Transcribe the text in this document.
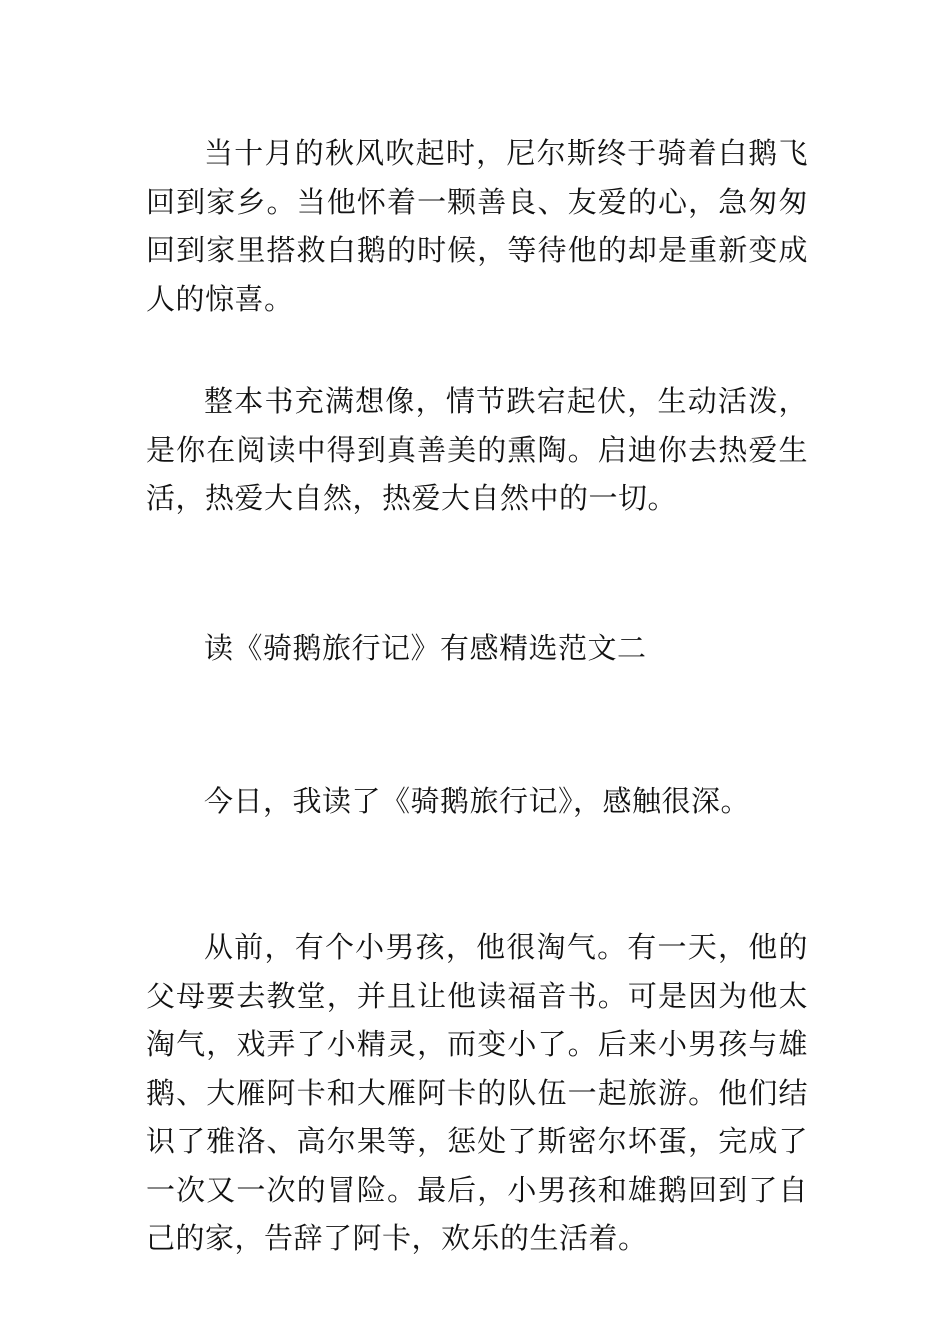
当十月的秋风吹起时，尼尔斯终于骑着白鹅飞回到家乡。当他怀着一颗善良、友爱的心，急匆匆回到家里搭救白鹅的时候，等待他的却是重新变成人的惊喜。

整本书充满想像，情节跌宕起伏，生动活泼，是你在阅读中得到真善美的熏陶。启迪你去热爱生活，热爱大自然，热爱大自然中的一切。

读《骑鹅旅行记》有感精选范文二

今日，我读了《骑鹅旅行记》，感触很深。

从前，有个小男孩，他很淘气。有一天，他的父母要去教堂，并且让他读福音书。可是因为他太淘气，戏弄了小精灵，而变小了。后来小男孩与雄鹅、大雁阿卡和大雁阿卡的队伍一起旅游。他们结识了雅洛、高尔果等，惩处了斯密尔坏蛋，完成了一次又一次的冒险。最后，小男孩和雄鹅回到了自己的家，告辞了阿卡，欢乐的生活着。
